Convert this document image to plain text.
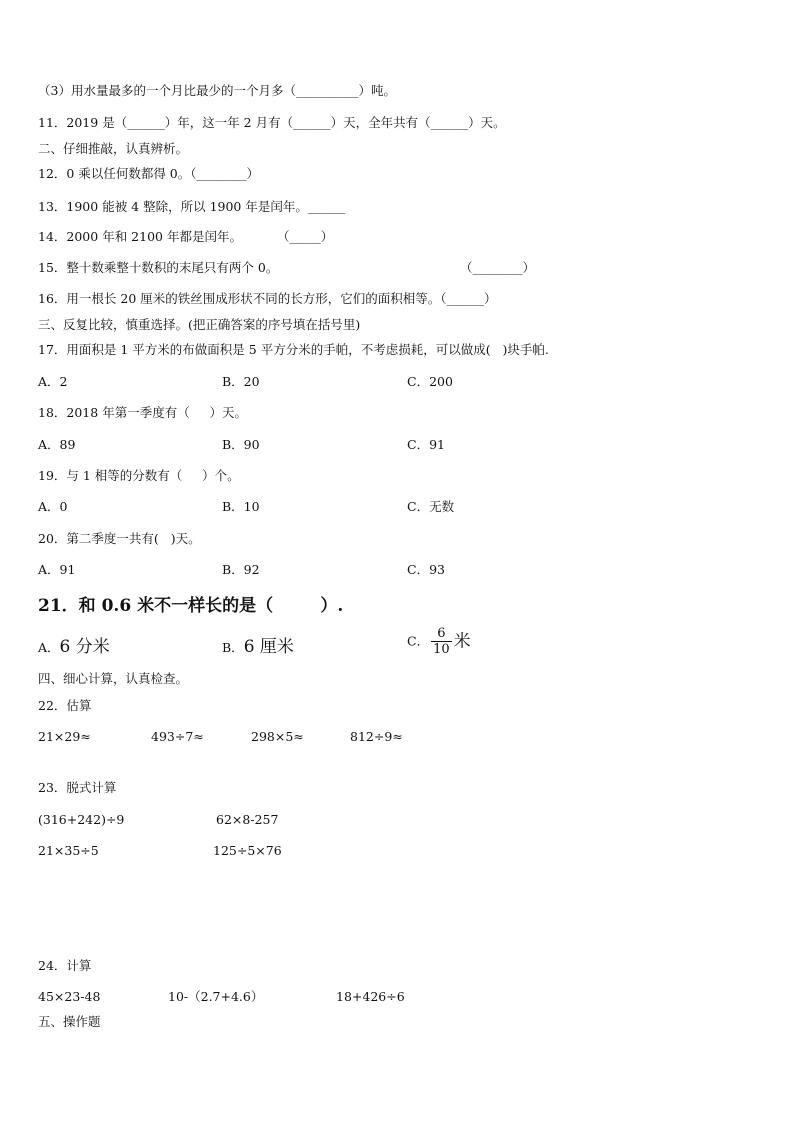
（3）用水量最多的一个月比最少的一个月多（__________）吨。
11．2019 是（______）年，这一年 2 月有（______）天，全年共有（______）天。
二、仔细推敲，认真辨析。
12．0 乘以任何数都得 0。（________）
13．1900 能被 4 整除，所以 1900 年是闰年。______
14．2000 年和 2100 年都是闰年。	（_____）
15．整十数乘整十数积的末尾只有两个 0。	（________）
16．用一根长 20 厘米的铁丝围成形状不同的长方形，它们的面积相等。（______）
三、反复比较，慎重选择。(把正确答案的序号填在括号里)
17．用面积是 1 平方米的布做面积是 5 平方分米的手帕，不考虑损耗，可以做成(   )块手帕.
A．2	B．20	C．200
18．2018 年第一季度有（     ）天。
A．89	B．90	C．91
19．与 1 相等的分数有（     ）个。
A．0	B．10	C．无数
20．第二季度一共有(   )天。
A．91	B．92	C．93
21．和 0.6 米不一样长的是（        ）.
A．6 分米	B．6 厘米	C． $\frac{6}{10}$ 米
四、细心计算，认真检查。
22．估算
21×29≈	493÷7≈	298×5≈	812÷9≈
23．脱式计算
(316+242)÷9	62×8-257
21×35÷5	125÷5×76
24．计算
45×23-48	10-（2.7+4.6）	18+426÷6
五、操作题
